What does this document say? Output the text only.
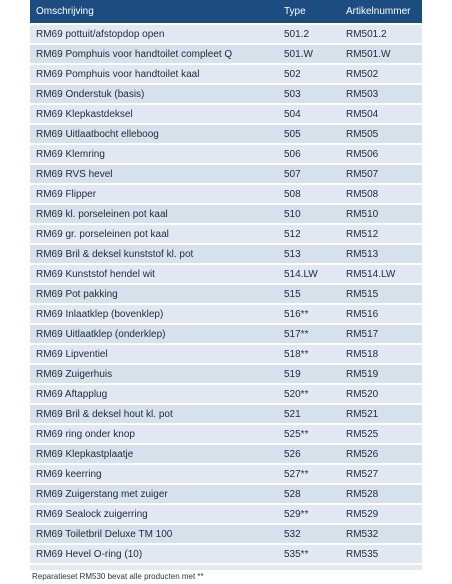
Omschrijving	Type	Artikelnummer
RM69 pottuit/afstopdop open	501.2	RM501.2
RM69 Pomphuis voor handtoilet compleet Q	501.W	RM501.W
RM69 Pomphuis voor handtoilet kaal	502	RM502
RM69 Onderstuk (basis)	503	RM503
RM69 Klepkastdeksel	504	RM504
RM69 Uitlaatbocht elleboog	505	RM505
RM69 Klemring	506	RM506
RM69 RVS hevel	507	RM507
RM69 Flipper	508	RM508
RM69 kl. porseleinen pot kaal	510	RM510
RM69 gr. porseleinen pot kaal	512	RM512
RM69 Bril & deksel kunststof kl. pot	513	RM513
RM69 Kunststof hendel wit	514.LW	RM514.LW
RM69 Pot pakking	515	RM515
RM69 Inlaatklep (bovenklep)	516**	RM516
RM69 Uitlaatklep (onderklep)	517**	RM517
RM69 Lipventiel	518**	RM518
RM69 Zuigerhuis	519	RM519
RM69 Aftapplug	520**	RM520
RM69 Bril & deksel hout kl. pot	521	RM521
RM69 ring onder knop	525**	RM525
RM69 Klepkastplaatje	526	RM526
RM69 keerring	527**	RM527
RM69 Zuigerstang met zuiger	528	RM528
RM69 Sealock zuigerring	529**	RM529
RM69 Toiletbril Deluxe TM 100	532	RM532
RM69 Hevel O-ring (10)	535**	RM535
Reparatieset RM530 bevat alle producten met **
